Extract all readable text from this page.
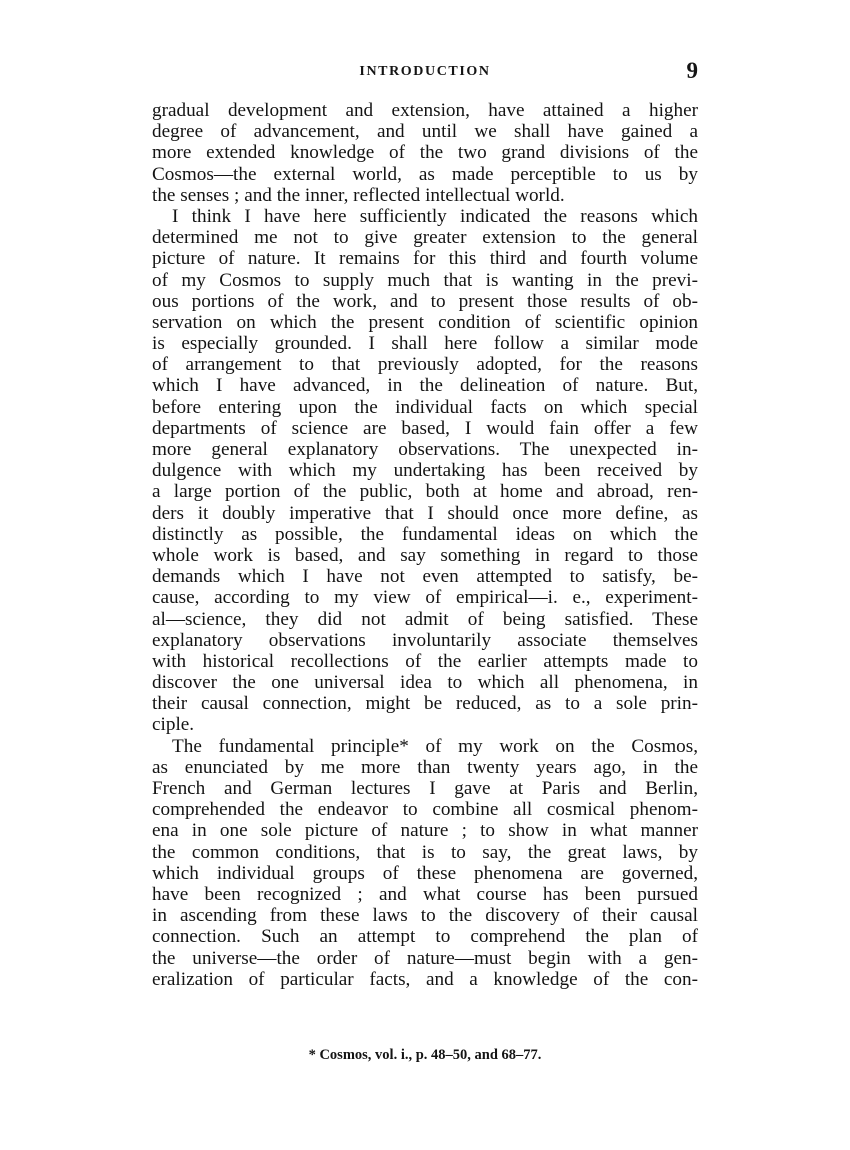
INTRODUCTION	9
gradual development and extension, have attained a higher
degree of advancement, and until we shall have gained a
more extended knowledge of the two grand divisions of the
Cosmos—the external world, as made perceptible to us by
the senses ; and the inner, reflected intellectual world.
I think I have here sufficiently indicated the reasons which
determined me not to give greater extension to the general
picture of nature. It remains for this third and fourth volume
of my Cosmos to supply much that is wanting in the previ-
ous portions of the work, and to present those results of ob-
servation on which the present condition of scientific opinion
is especially grounded. I shall here follow a similar mode
of arrangement to that previously adopted, for the reasons
which I have advanced, in the delineation of nature. But,
before entering upon the individual facts on which special
departments of science are based, I would fain offer a few
more general explanatory observations. The unexpected in-
dulgence with which my undertaking has been received by
a large portion of the public, both at home and abroad, ren-
ders it doubly imperative that I should once more define, as
distinctly as possible, the fundamental ideas on which the
whole work is based, and say something in regard to those
demands which I have not even attempted to satisfy, be-
cause, according to my view of empirical—i. e., experiment-
al—science, they did not admit of being satisfied. These
explanatory observations involuntarily associate themselves
with historical recollections of the earlier attempts made to
discover the one universal idea to which all phenomena, in
their causal connection, might be reduced, as to a sole prin-
ciple.
The fundamental principle* of my work on the Cosmos,
as enunciated by me more than twenty years ago, in the
French and German lectures I gave at Paris and Berlin,
comprehended the endeavor to combine all cosmical phenom-
ena in one sole picture of nature ; to show in what manner
the common conditions, that is to say, the great laws, by
which individual groups of these phenomena are governed,
have been recognized ; and what course has been pursued
in ascending from these laws to the discovery of their causal
connection. Such an attempt to comprehend the plan of
the universe—the order of nature—must begin with a gen-
eralization of particular facts, and a knowledge of the con-
* Cosmos, vol. i., p. 48–50, and 68–77.
